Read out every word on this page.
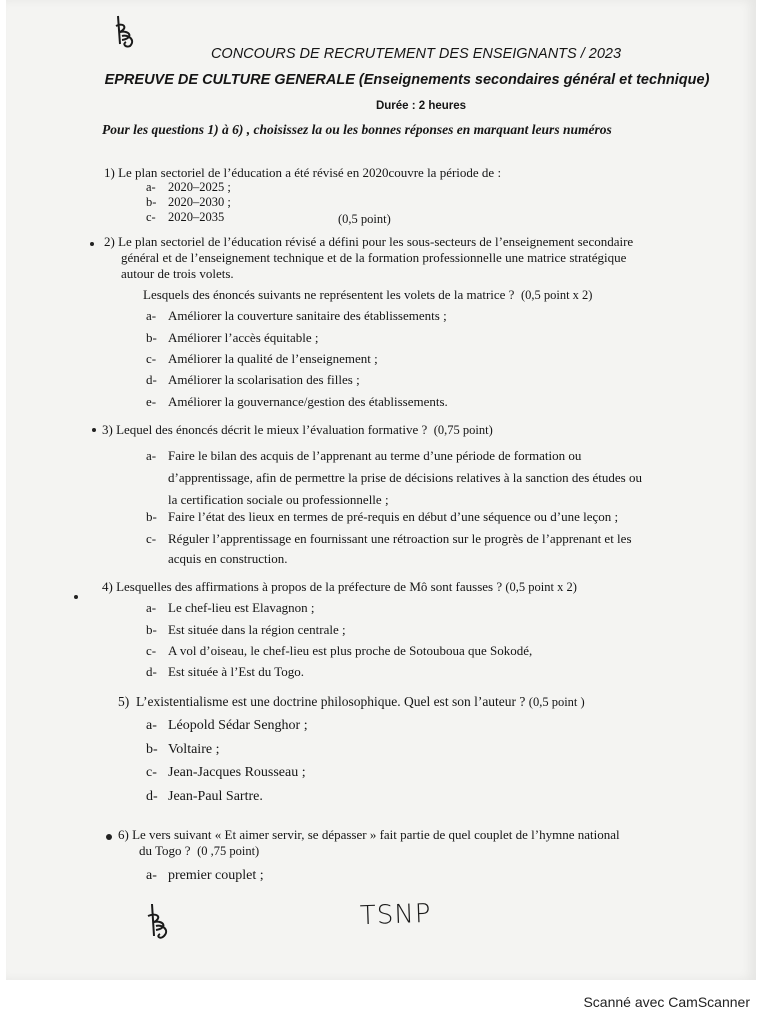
CONCOURS DE RECRUTEMENT DES ENSEIGNANTS / 2023
EPREUVE DE CULTURE GENERALE (Enseignements secondaires général et technique)
Durée : 2 heures
Pour les questions 1) à 6) , choisissez la ou les bonnes réponses en marquant leurs numéros
1) Le plan sectoriel de l’éducation a été révisé en 2020couvre la période de :
a- 2020–2025 ;
b- 2020–2030 ;
c- 2020–2035	(0,5 point)
2) Le plan sectoriel de l’éducation révisé a défini pour les sous-secteurs de l’enseignement secondaire
général et de l’enseignement technique et de la formation professionnelle une matrice stratégique
autour de trois volets.
Lesquels des énoncés suivants ne représentent les volets de la matrice ? (0,5 point x 2)
a- Améliorer la couverture sanitaire des établissements ;
b- Améliorer l’accès équitable ;
c- Améliorer la qualité de l’enseignement ;
d- Améliorer la scolarisation des filles ;
e- Améliorer la gouvernance/gestion des établissements.
3) Lequel des énoncés décrit le mieux l’évaluation formative ? (0,75 point)
a- Faire le bilan des acquis de l’apprenant au terme d’une période de formation ou
d’apprentissage, afin de permettre la prise de décisions relatives à la sanction des études ou
la certification sociale ou professionnelle ;
b- Faire l’état des lieux en termes de pré-requis en début d’une séquence ou d’une leçon ;
c- Réguler l’apprentissage en fournissant une rétroaction sur le progrès de l’apprenant et les
acquis en construction.
4) Lesquelles des affirmations à propos de la préfecture de Mô sont fausses ? (0,5 point x 2)
a- Le chef-lieu est Elavagnon ;
b- Est située dans la région centrale ;
c- A vol d’oiseau, le chef-lieu est plus proche de Sotouboua que Sokodé,
d- Est située à l’Est du Togo.
5) L’existentialisme est une doctrine philosophique. Quel est son l’auteur ? (0,5 point )
a- Léopold Sédar Senghor ;
b- Voltaire ;
c- Jean-Jacques Rousseau ;
d- Jean-Paul Sartre.
6) Le vers suivant « Et aimer servir, se dépasser » fait partie de quel couplet de l’hymne national
du Togo ? (0 ,75 point)
a- premier couplet ;
TSNP
Scanné avec CamScanner
